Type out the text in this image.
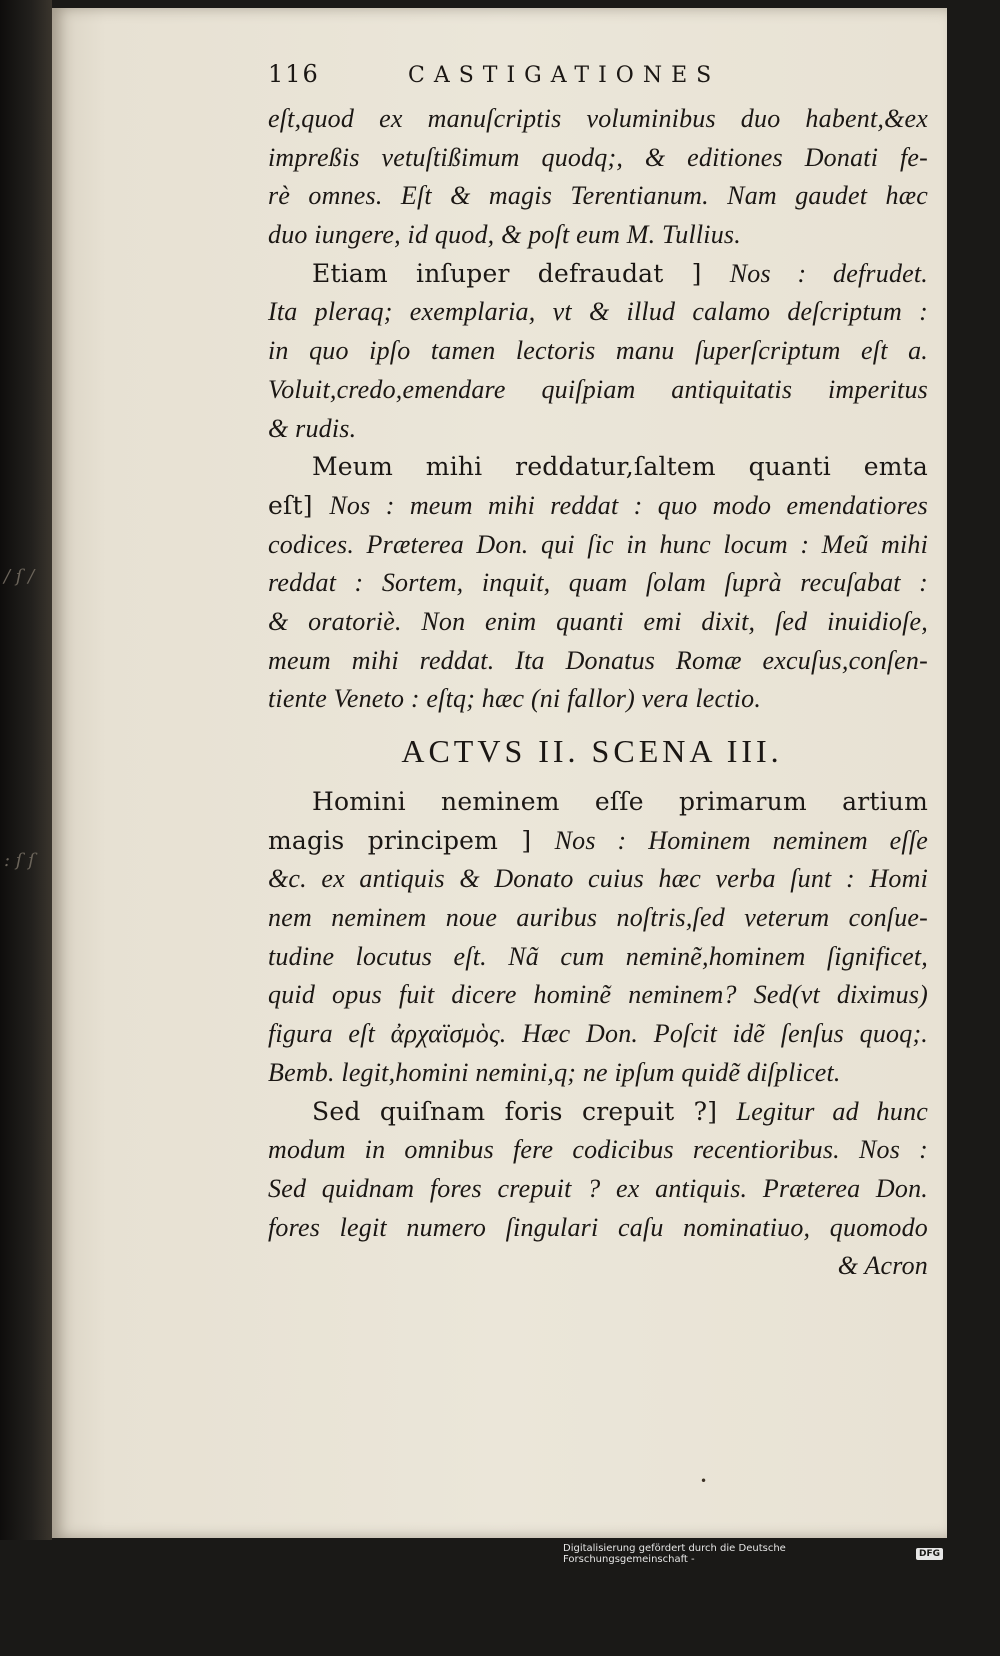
/ ſ /
: ſ ſ
116	CASTIGATIONES
eſt,quod ex manuſcriptis voluminibus duo habent,&ex
impreßis vetuſtißimum quodq;, & editiones Donati fe-
rè omnes. Eſt & magis Terentianum. Nam gaudet hæc
duo iungere, id quod, & poſt eum M. Tullius.
Etiam inſuper defraudat ] Nos : defrudet.
Ita pleraq; exemplaria, vt & illud calamo deſcriptum :
in quo ipſo tamen lectoris manu ſuperſcriptum eſt a.
Voluit,credo,emendare quiſpiam antiquitatis imperitus
& rudis.
Meum mihi reddatur,ſaltem quanti emta
eſt] Nos : meum mihi reddat : quo modo emendatiores
codices. Præterea Don. qui ſic in hunc locum : Meũ mihi
reddat : Sortem, inquit, quam ſolam ſuprà recuſabat :
& oratoriè. Non enim quanti emi dixit, ſed inuidioſe,
meum mihi reddat. Ita Donatus Romæ excuſus,conſen-
tiente Veneto : eſtq; hæc (ni fallor) vera lectio.
ACTVS II. SCENA III.
Homini neminem eſſe primarum artium
magis principem ] Nos : Hominem neminem eſſe
&c. ex antiquis & Donato cuius hæc verba ſunt : Homi
nem neminem noue auribus noſtris,ſed veterum conſue-
tudine locutus eſt. Nã cum neminẽ,hominem ſignificet,
quid opus fuit dicere hominẽ neminem? Sed(vt diximus)
figura eſt ἀρχαϊσμὸς. Hæc Don. Poſcit idẽ ſenſus quoq;.
Bemb. legit,homini nemini,q; ne ipſum quidẽ diſplicet.
Sed quiſnam foris crepuit ?] Legitur ad hunc
modum in omnibus fere codicibus recentioribus. Nos :
Sed quidnam fores crepuit ? ex antiquis. Præterea Don.
fores legit numero ſingulari caſu nominatiuo, quomodo
& Acron
•
Digitalisierung gefördert durch die Deutsche Forschungsgemeinschaft -	DFG
